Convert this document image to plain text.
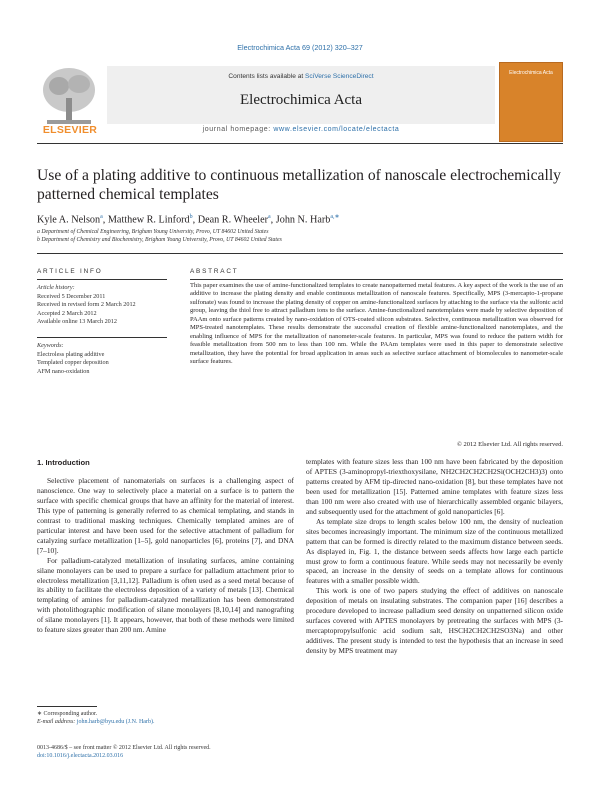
Electrochimica Acta 69 (2012) 320–327
ELSEVIER
Contents lists available at SciVerse ScienceDirect
Electrochimica Acta
journal homepage: www.elsevier.com/locate/electacta
Electrochimica Acta
Use of a plating additive to continuous metallization of nanoscale electrochemically patterned chemical templates
Kyle A. Nelson$^a$, Matthew R. Linford$^b$, Dean R. Wheeler$^a$, John N. Harb$^{a,∗}$
a Department of Chemical Engineering, Brigham Young University, Provo, UT 84602 United States
b Department of Chemistry and Biochemistry, Brigham Young University, Provo, UT 84602 United States
ARTICLE INFO	ABSTRACT
Article history:
Received 5 December 2011
Received in revised form 2 March 2012
Accepted 2 March 2012
Available online 13 March 2012
Keywords:
Electroless plating additive
Templated copper deposition
AFM nano-oxidation
This paper examines the use of amine-functionalized templates to create nanopatterned metal features. A key aspect of the work is the use of an additive to increase the plating density and enable continuous metallization of nanoscale features. Specifically, MPS (3-mercapto-1-propane sulfonate) was found to increase the plating density of copper on amine-functionalized surfaces by attaching to the surface via the sulfonic acid group, leaving the thiol free to attract palladium ions to the surface. Amine-functionalized nanotemplates were made by selective deposition of PAAm onto surface patterns created by nano-oxidation of OTS-coated silicon substrates. Selective, continuous metallization was observed for MPS-treated nanotemplates. These results demonstrate the successful creation of flexible amine-functionalized nanotemplates, and the enabling influence of MPS for the metallization of nanometer-scale features. In particular, MPS was found to reduce the pattern width for feasible metallization from 500 nm to less than 100 nm. While the PAAm templates were used in this paper to demonstrate selective metallization, they have the potential for broad application in areas such as selective surface attachment of biomolecules to nanometer-scale surface features.
© 2012 Elsevier Ltd. All rights reserved.
1. Introduction

Selective placement of nanomaterials on surfaces is a challenging aspect of nanoscience. One way to selectively place a material on a surface is to pattern the surface with specific chemical groups that have an affinity for the material of interest. This type of patterning is generally referred to as chemical templating, and stands in contrast to traditional masking techniques. Chemically templated amines are of particular interest and have been used for the selective attachment of palladium for catalyzing surface metallization [1–5], gold nanoparticles [6], proteins [7], and DNA [7–10].

For palladium-catalyzed metallization of insulating surfaces, amine containing silane monolayers can be used to prepare a surface for palladium attachment prior to electroless metallization [3,11,12]. Palladium is often used as a seed metal because of its ability to facilitate the electroless deposition of a variety of metals [13]. Chemical templating of amines for palladium-catalyzed metallization has been demonstrated with photolithographic modification of silane monolayers [8,10,14] and nanografting of silane monolayers [1]. It appears, however, that both of these methods were limited to feature sizes greater than 200 nm. Amine

templates with feature sizes less than 100 nm have been fabricated by the deposition of APTES (3-aminopropyl-triexthoxysilane, NH2CH2CH2CH2Si(OCH2CH3)3) onto patterns created by AFM tip-directed nano-oxidation [8], but these templates have not been used for metallization [15]. Patterned amine templates with feature sizes less than 100 nm were also created with use of hierarchically assembled organic bilayers, and subsequently used for the attachment of gold nanoparticles [6].

As template size drops to length scales below 100 nm, the density of nucleation sites becomes increasingly important. The minimum size of the continuous metallized pattern that can be formed is directly related to the maximum distance between seeds. As displayed in, Fig. 1, the distance between seeds affects how large each particle must grow to form a continuous feature. While seeds may not necessarily be evenly spaced, an increase in the density of seeds on a template allows for continuous features with a smaller possible width.

This work is one of two papers studying the effect of additives on nanoscale deposition of metals on insulating substrates. The companion paper [16] describes a procedure developed to increase palladium seed density on unpatterned silicon oxide surfaces covered with APTES monolayers by pretreating the surfaces with MPS (3-mercaptopropylsulfonic acid sodium salt, HSCH2CH2CH2SO3Na) and other additives. The present study is intended to test the hypothesis that an increase in seed density by MPS treatment may

∗ Corresponding author.
E-mail address: john.harb@byu.edu (J.N. Harb).
0013-4686/$ – see front matter © 2012 Elsevier Ltd. All rights reserved.
doi:10.1016/j.electacta.2012.03.016
